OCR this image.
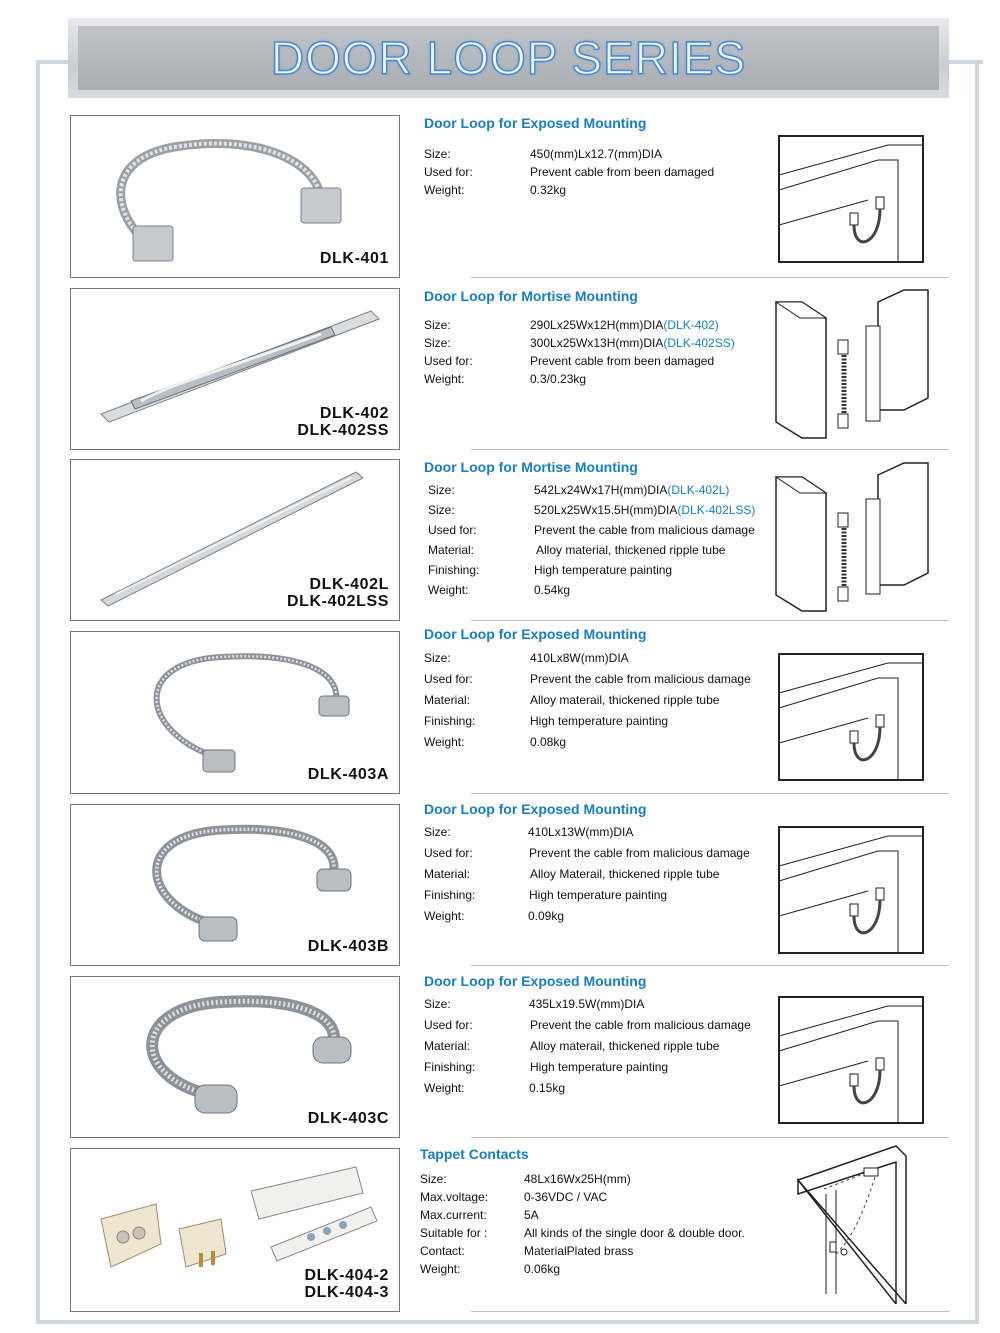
DOOR LOOP SERIES
DLK-401
Door Loop for Exposed Mounting
Size:	450(mm)Lx12.7(mm)DIA
Used for:	Prevent cable from been damaged
Weight:	0.32kg
DLK-402
DLK-402SS
Door Loop for Mortise Mounting
Size:	290Lx25Wx12H(mm)DIA(DLK-402)
Size:	300Lx25Wx13H(mm)DIA(DLK-402SS)
Used for:	Prevent cable from been damaged
Weight:	0.3/0.23kg
DLK-402L
DLK-402LSS
Door Loop for Mortise Mounting
Size:	542Lx24Wx17H(mm)DIA(DLK-402L)
Size:	520Lx25Wx15.5H(mm)DIA(DLK-402LSS)
Used for:	Prevent the cable from malicious damage
Material:	Alloy material, thickened ripple tube
Finishing:	High temperature painting
Weight:	0.54kg
DLK-403A
Door Loop for Exposed Mounting
Size:	410Lx8W(mm)DIA
Used for:	Prevent the cable from malicious damage
Material:	Alloy materail, thickened ripple tube
Finishing:	High temperature painting
Weight:	0.08kg
DLK-403B
Door Loop for Exposed Mounting
Size:	410Lx13W(mm)DIA
Used for:	Prevent the cable from malicious damage
Material:	Alloy Materail, thickened ripple tube
Finishing:	High temperature painting
Weight:	0.09kg
DLK-403C
Door Loop for Exposed Mounting
Size:	435Lx19.5W(mm)DIA
Used for:	Prevent the cable from malicious damage
Material:	Alloy materail, thickened ripple tube
Finishing:	High temperature painting
Weight:	0.15kg
DLK-404-2
DLK-404-3
Tappet Contacts
Size:	48Lx16Wx25H(mm)
Max.voltage:	0-36VDC / VAC
Max.current:	5A
Suitable for :	All kinds of the single door & double door.
Contact:	MaterialPlated brass
Weight:	0.06kg
